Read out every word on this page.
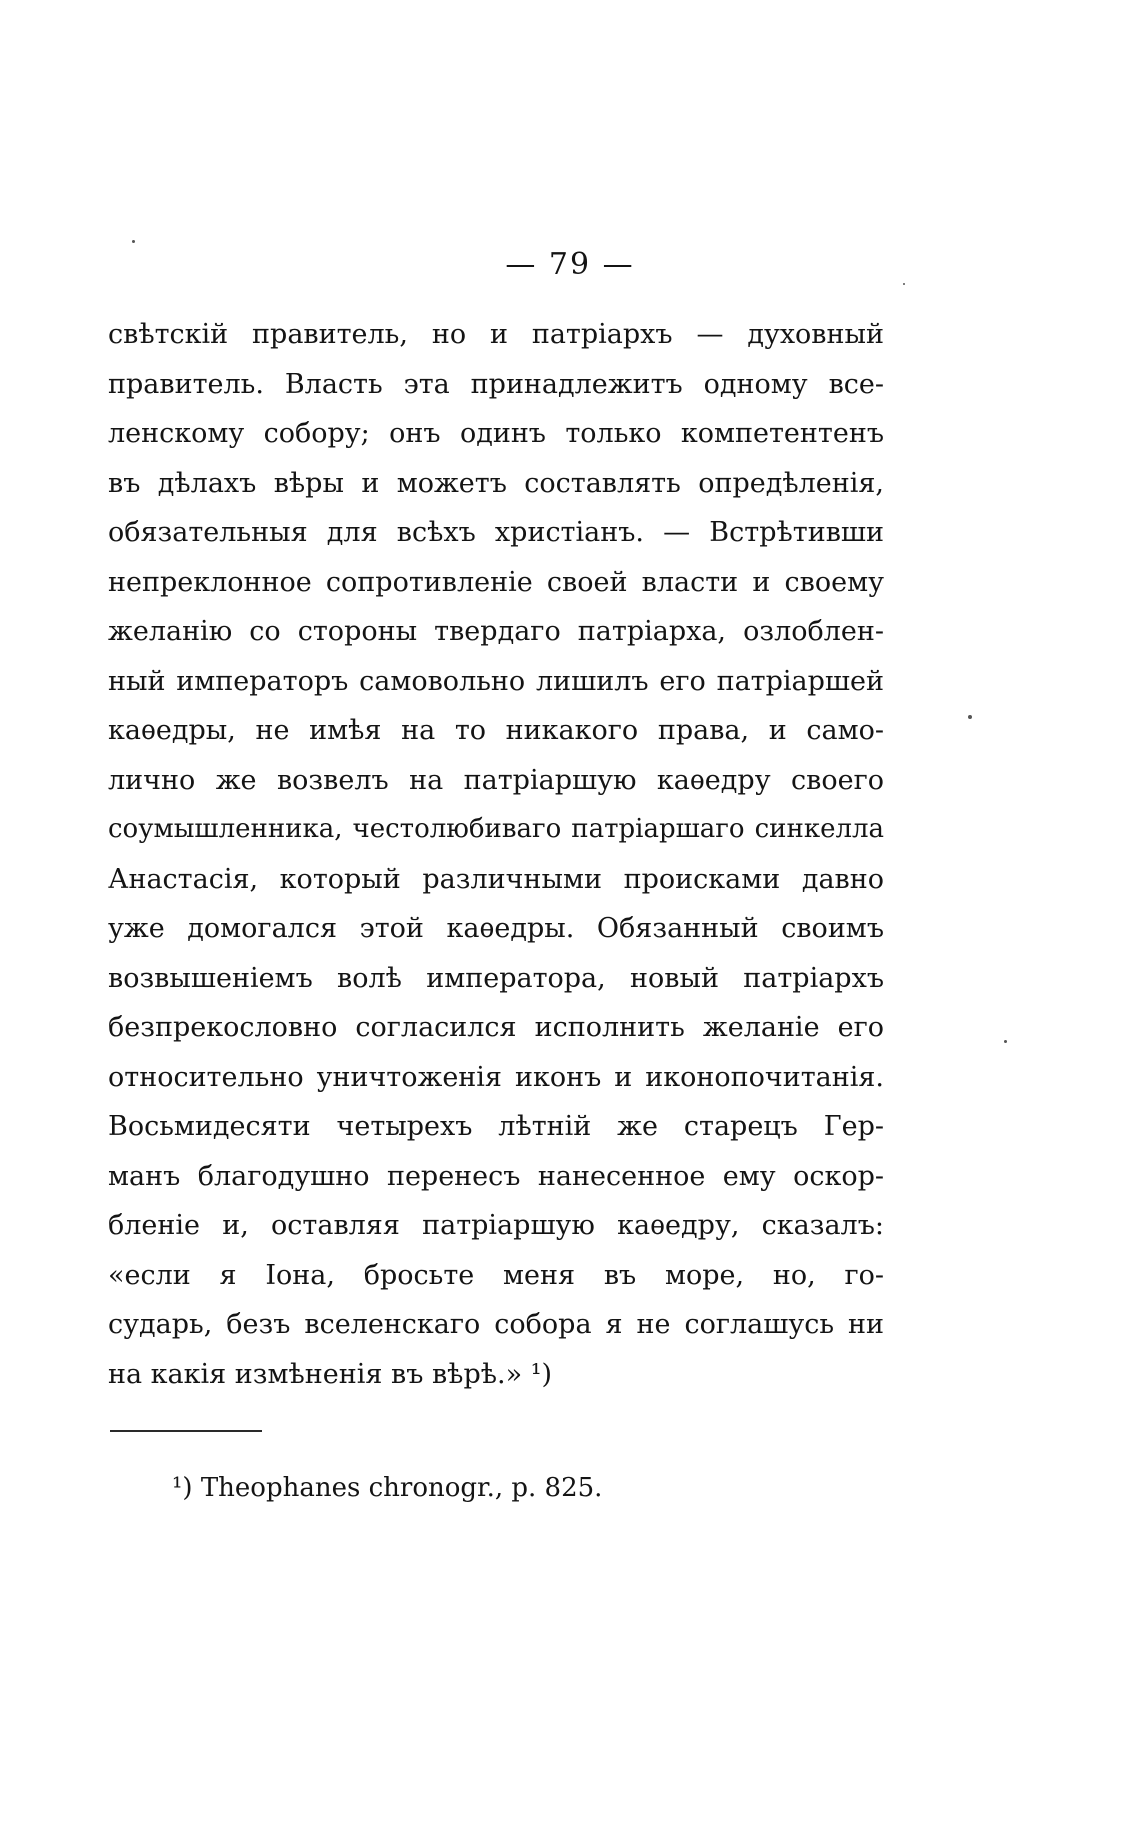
— 79 —
свѣтскій правитель, но и патріархъ — духовный
правитель. Власть эта принадлежитъ одному все-
ленскому собору; онъ одинъ только компетентенъ
въ дѣлахъ вѣры и можетъ составлять опредѣленія,
обязательныя для всѣхъ христіанъ. — Встрѣтивши
непреклонное сопротивленіе своей власти и своему
желанію со стороны твердаго патріарха, озлоблен-
ный императоръ самовольно лишилъ его патріаршей
каѳедры, не имѣя на то никакого права, и само-
лично же возвелъ на патріаршую каѳедру своего
соумышленника, честолюбиваго патріаршаго синкелла
Анастасія, который различными происками давно
уже домогался этой каѳедры. Обязанный своимъ
возвышеніемъ волѣ императора, новый патріархъ
безпрекословно согласился исполнить желаніе его
относительно уничтоженія иконъ и иконопочитанія.
Восьмидесяти четырехъ лѣтній же старецъ Гер-
манъ благодушно перенесъ нанесенное ему оскор-
бленіе и, оставляя патріаршую каѳедру, сказалъ:
«если я Іона, бросьте меня въ море, но, го-
сударь, безъ вселенскаго собора я не соглашусь ни
на какія измѣненія въ вѣрѣ.» ¹)
¹) Theophanes chronogr., p. 825.
